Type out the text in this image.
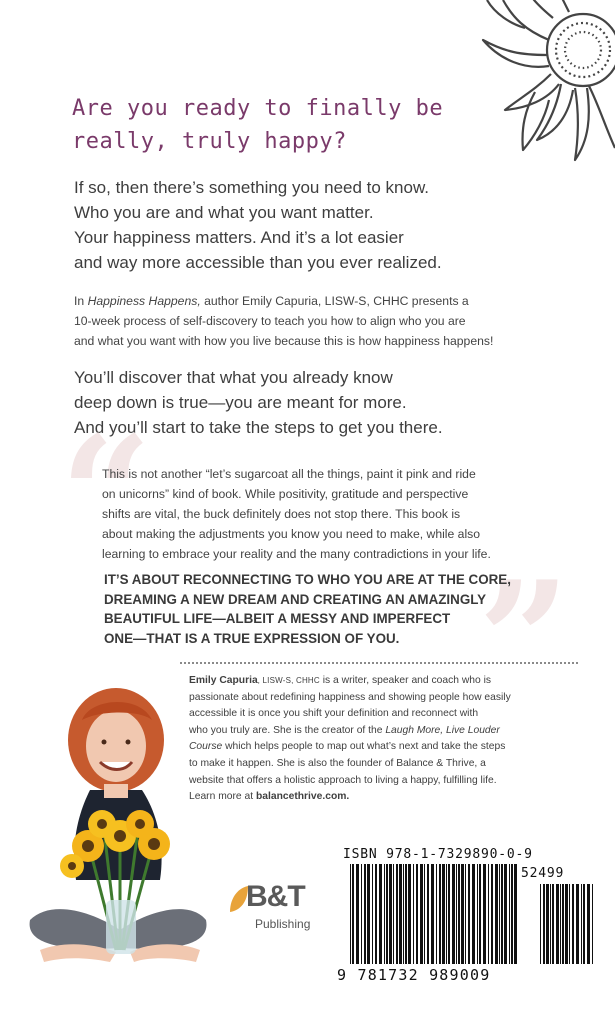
Are you ready to finally be
really, truly happy?
If so, then there’s something you need to know.
Who you are and what you want matter.
Your happiness matters. And it’s a lot easier
and way more accessible than you ever realized.
In Happiness Happens, author Emily Capuria, LISW-S, CHHC presents a
10-week process of self-discovery to teach you how to align who you are
and what you want with how you live because this is how happiness happens!
You’ll discover that what you already know
deep down is true—you are meant for more.
And you’ll start to take the steps to get you there.
“
”
This is not another “let’s sugarcoat all the things, paint it pink and ride
on unicorns” kind of book. While positivity, gratitude and perspective
shifts are vital, the buck definitely does not stop there. This book is
about making the adjustments you know you need to make, while also
learning to embrace your reality and the many contradictions in your life.
IT’S ABOUT RECONNECTING TO WHO YOU ARE AT THE CORE,
DREAMING A NEW DREAM AND CREATING AN AMAZINGLY
BEAUTIFUL LIFE—ALBEIT A MESSY AND IMPERFECT
ONE—THAT IS A TRUE EXPRESSION OF YOU.
Emily Capuria, LISW-S, CHHC is a writer, speaker and coach who is
passionate about redefining happiness and showing people how easily
accessible it is once you shift your definition and reconnect with
who you truly are. She is the creator of the Laugh More, Live Louder
Course which helps people to map out what’s next and take the steps
to make it happen. She is also the founder of Balance & Thrive, a
website that offers a holistic approach to living a happy, fulfilling life.
Learn more at balancethrive.com.
B&T
Publishing
ISBN 978-1-7329890-0-9
52499
9 781732 989009
